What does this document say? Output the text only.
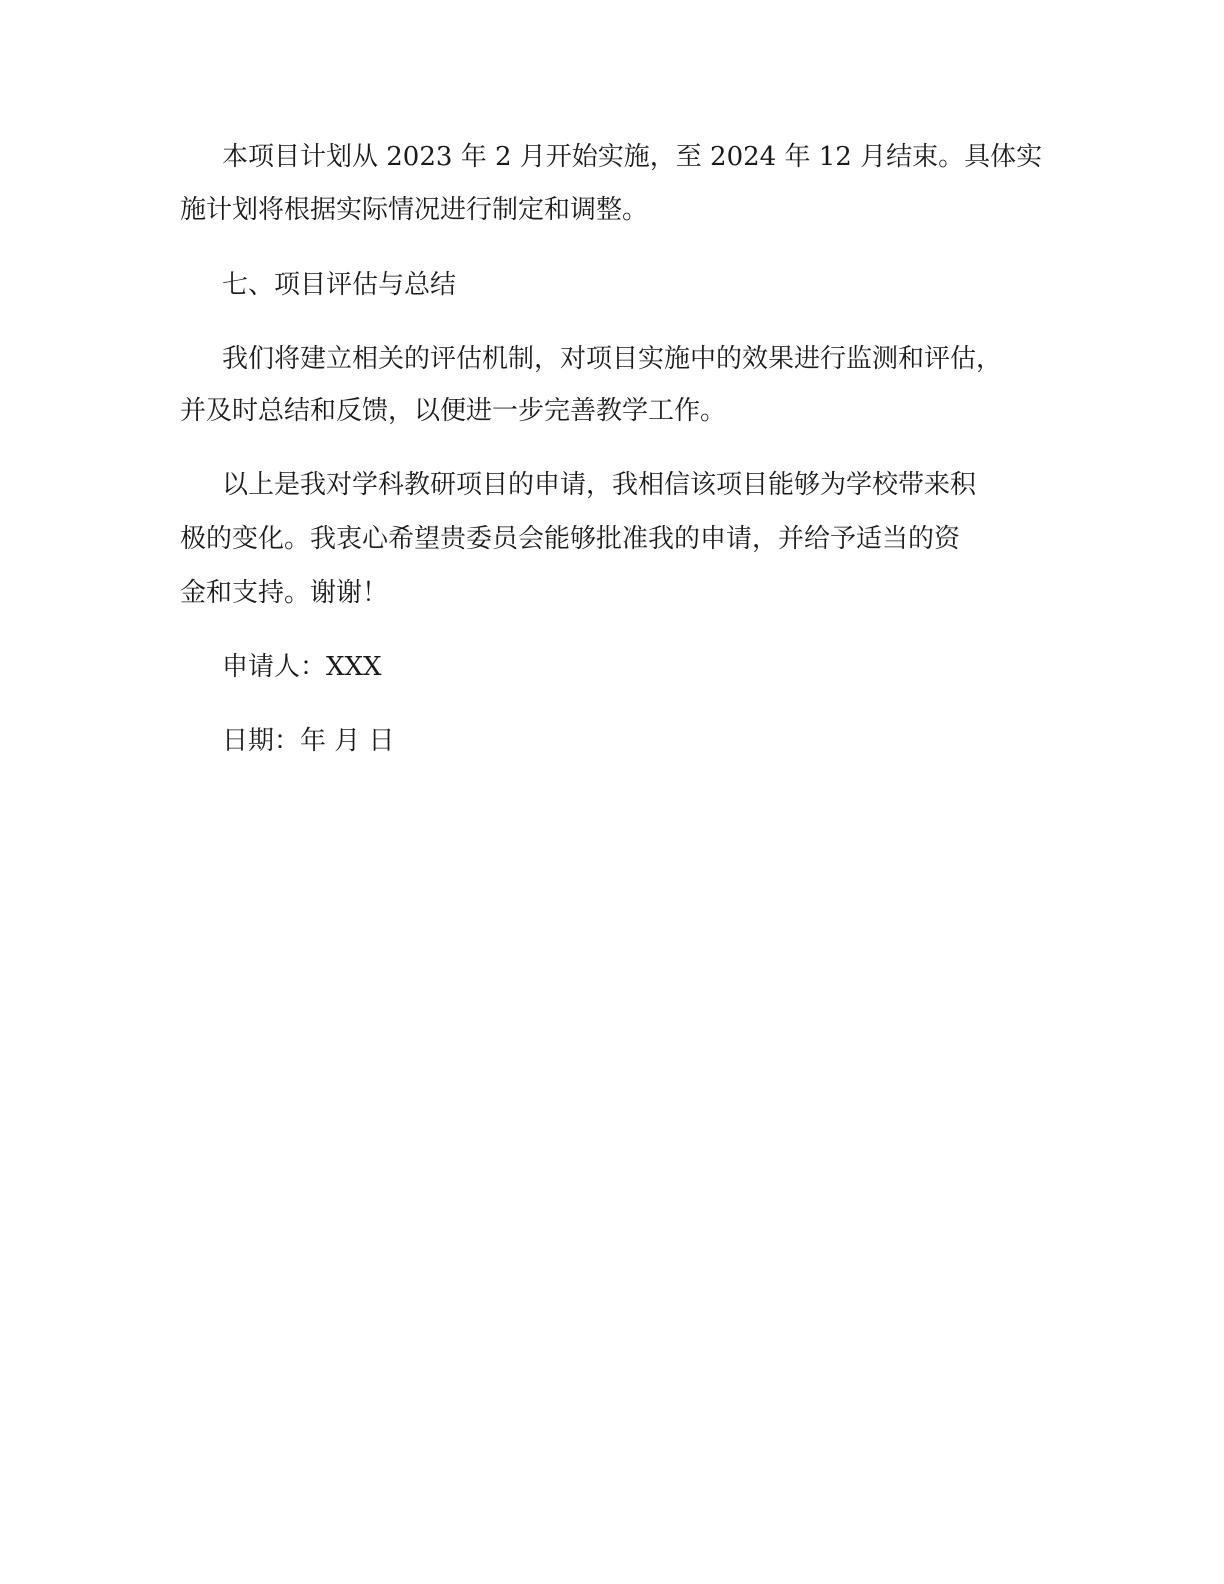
本项目计划从 2023 年 2 月开始实施，至 2024 年 12 月结束。具体实
施计划将根据实际情况进行制定和调整。
七、项目评估与总结
我们将建立相关的评估机制，对项目实施中的效果进行监测和评估，
并及时总结和反馈，以便进一步完善教学工作。
以上是我对学科教研项目的申请，我相信该项目能够为学校带来积
极的变化。我衷心希望贵委员会能够批准我的申请，并给予适当的资
金和支持。谢谢！
申请人：XXX
日期：年 月 日
